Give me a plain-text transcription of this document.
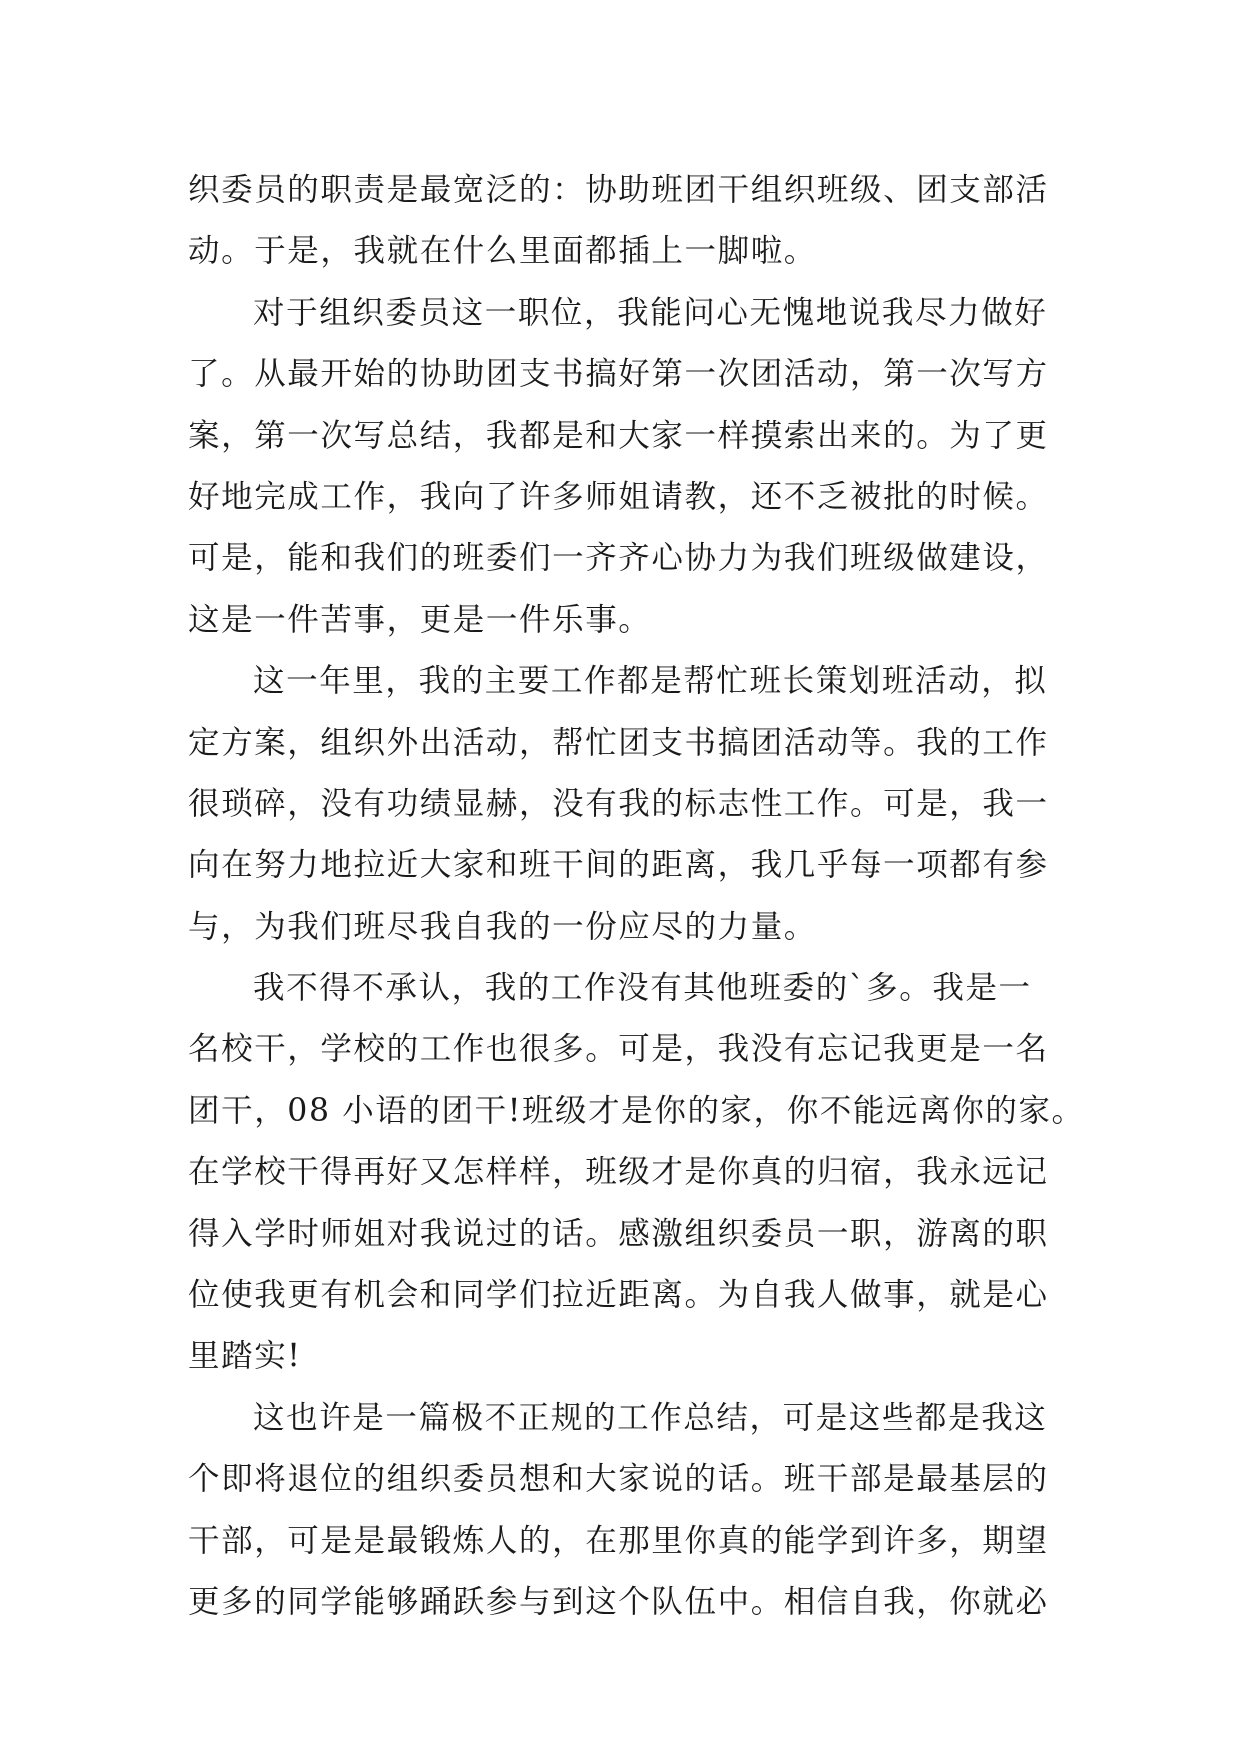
织委员的职责是最宽泛的：协助班团干组织班级、团支部活
动。于是，我就在什么里面都插上一脚啦。
对于组织委员这一职位，我能问心无愧地说我尽力做好
了。从最开始的协助团支书搞好第一次团活动，第一次写方
案，第一次写总结，我都是和大家一样摸索出来的。为了更
好地完成工作，我向了许多师姐请教，还不乏被批的时候。
可是，能和我们的班委们一齐齐心协力为我们班级做建设，
这是一件苦事，更是一件乐事。
这一年里，我的主要工作都是帮忙班长策划班活动，拟
定方案，组织外出活动，帮忙团支书搞团活动等。我的工作
很琐碎，没有功绩显赫，没有我的标志性工作。可是，我一
向在努力地拉近大家和班干间的距离，我几乎每一项都有参
与，为我们班尽我自我的一份应尽的力量。
我不得不承认，我的工作没有其他班委的`多。我是一
名校干，学校的工作也很多。可是，我没有忘记我更是一名
团干，08 小语的团干!班级才是你的家，你不能远离你的家。
在学校干得再好又怎样样，班级才是你真的归宿，我永远记
得入学时师姐对我说过的话。感激组织委员一职，游离的职
位使我更有机会和同学们拉近距离。为自我人做事，就是心
里踏实!
这也许是一篇极不正规的工作总结，可是这些都是我这
个即将退位的组织委员想和大家说的话。班干部是最基层的
干部，可是是最锻炼人的，在那里你真的能学到许多，期望
更多的同学能够踊跃参与到这个队伍中。相信自我，你就必
